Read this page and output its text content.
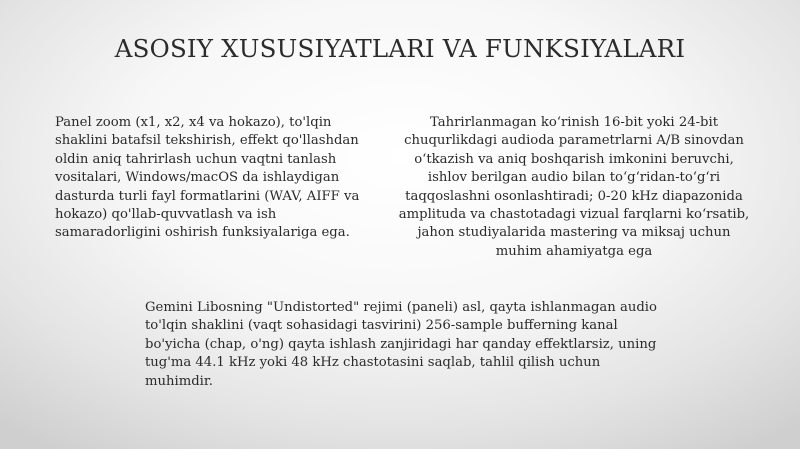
ASOSIY XUSUSIYATLARI VA FUNKSIYALARI

Panel zoom (x1, x2, x4 va hokazo), to'lqin shaklini batafsil tekshirish, effekt qo'llashdan oldin aniq tahrirlash uchun vaqtni tanlash vositalari, Windows/macOS da ishlaydigan dasturda turli fayl formatlarini (WAV, AIFF va hokazo) qo'llab-quvvatlash va ish samaradorligini oshirish funksiyalariga ega.

Tahrirlanmagan koʻrinish 16-bit yoki 24-bit chuqurlikdagi audioda parametrlarni A/B sinovdan oʻtkazish va aniq boshqarish imkonini beruvchi, ishlov berilgan audio bilan toʻgʻridan-toʻgʻri taqqoslashni osonlashtiradi; 0-20 kHz diapazonida amplituda va chastotadagi vizual farqlarni koʻrsatib, jahon studiyalarida mastering va miksaj uchun muhim ahamiyatga ega

Gemini Libosning "Undistorted" rejimi (paneli) asl, qayta ishlanmagan audio to'lqin shaklini (vaqt sohasidagi tasvirini) 256-sample bufferning kanal bo'yicha (chap, o'ng) qayta ishlash zanjiridagi har qanday effektlarsiz, uning tug'ma 44.1 kHz yoki 48 kHz chastotasini saqlab, tahlil qilish uchun muhimdir.
